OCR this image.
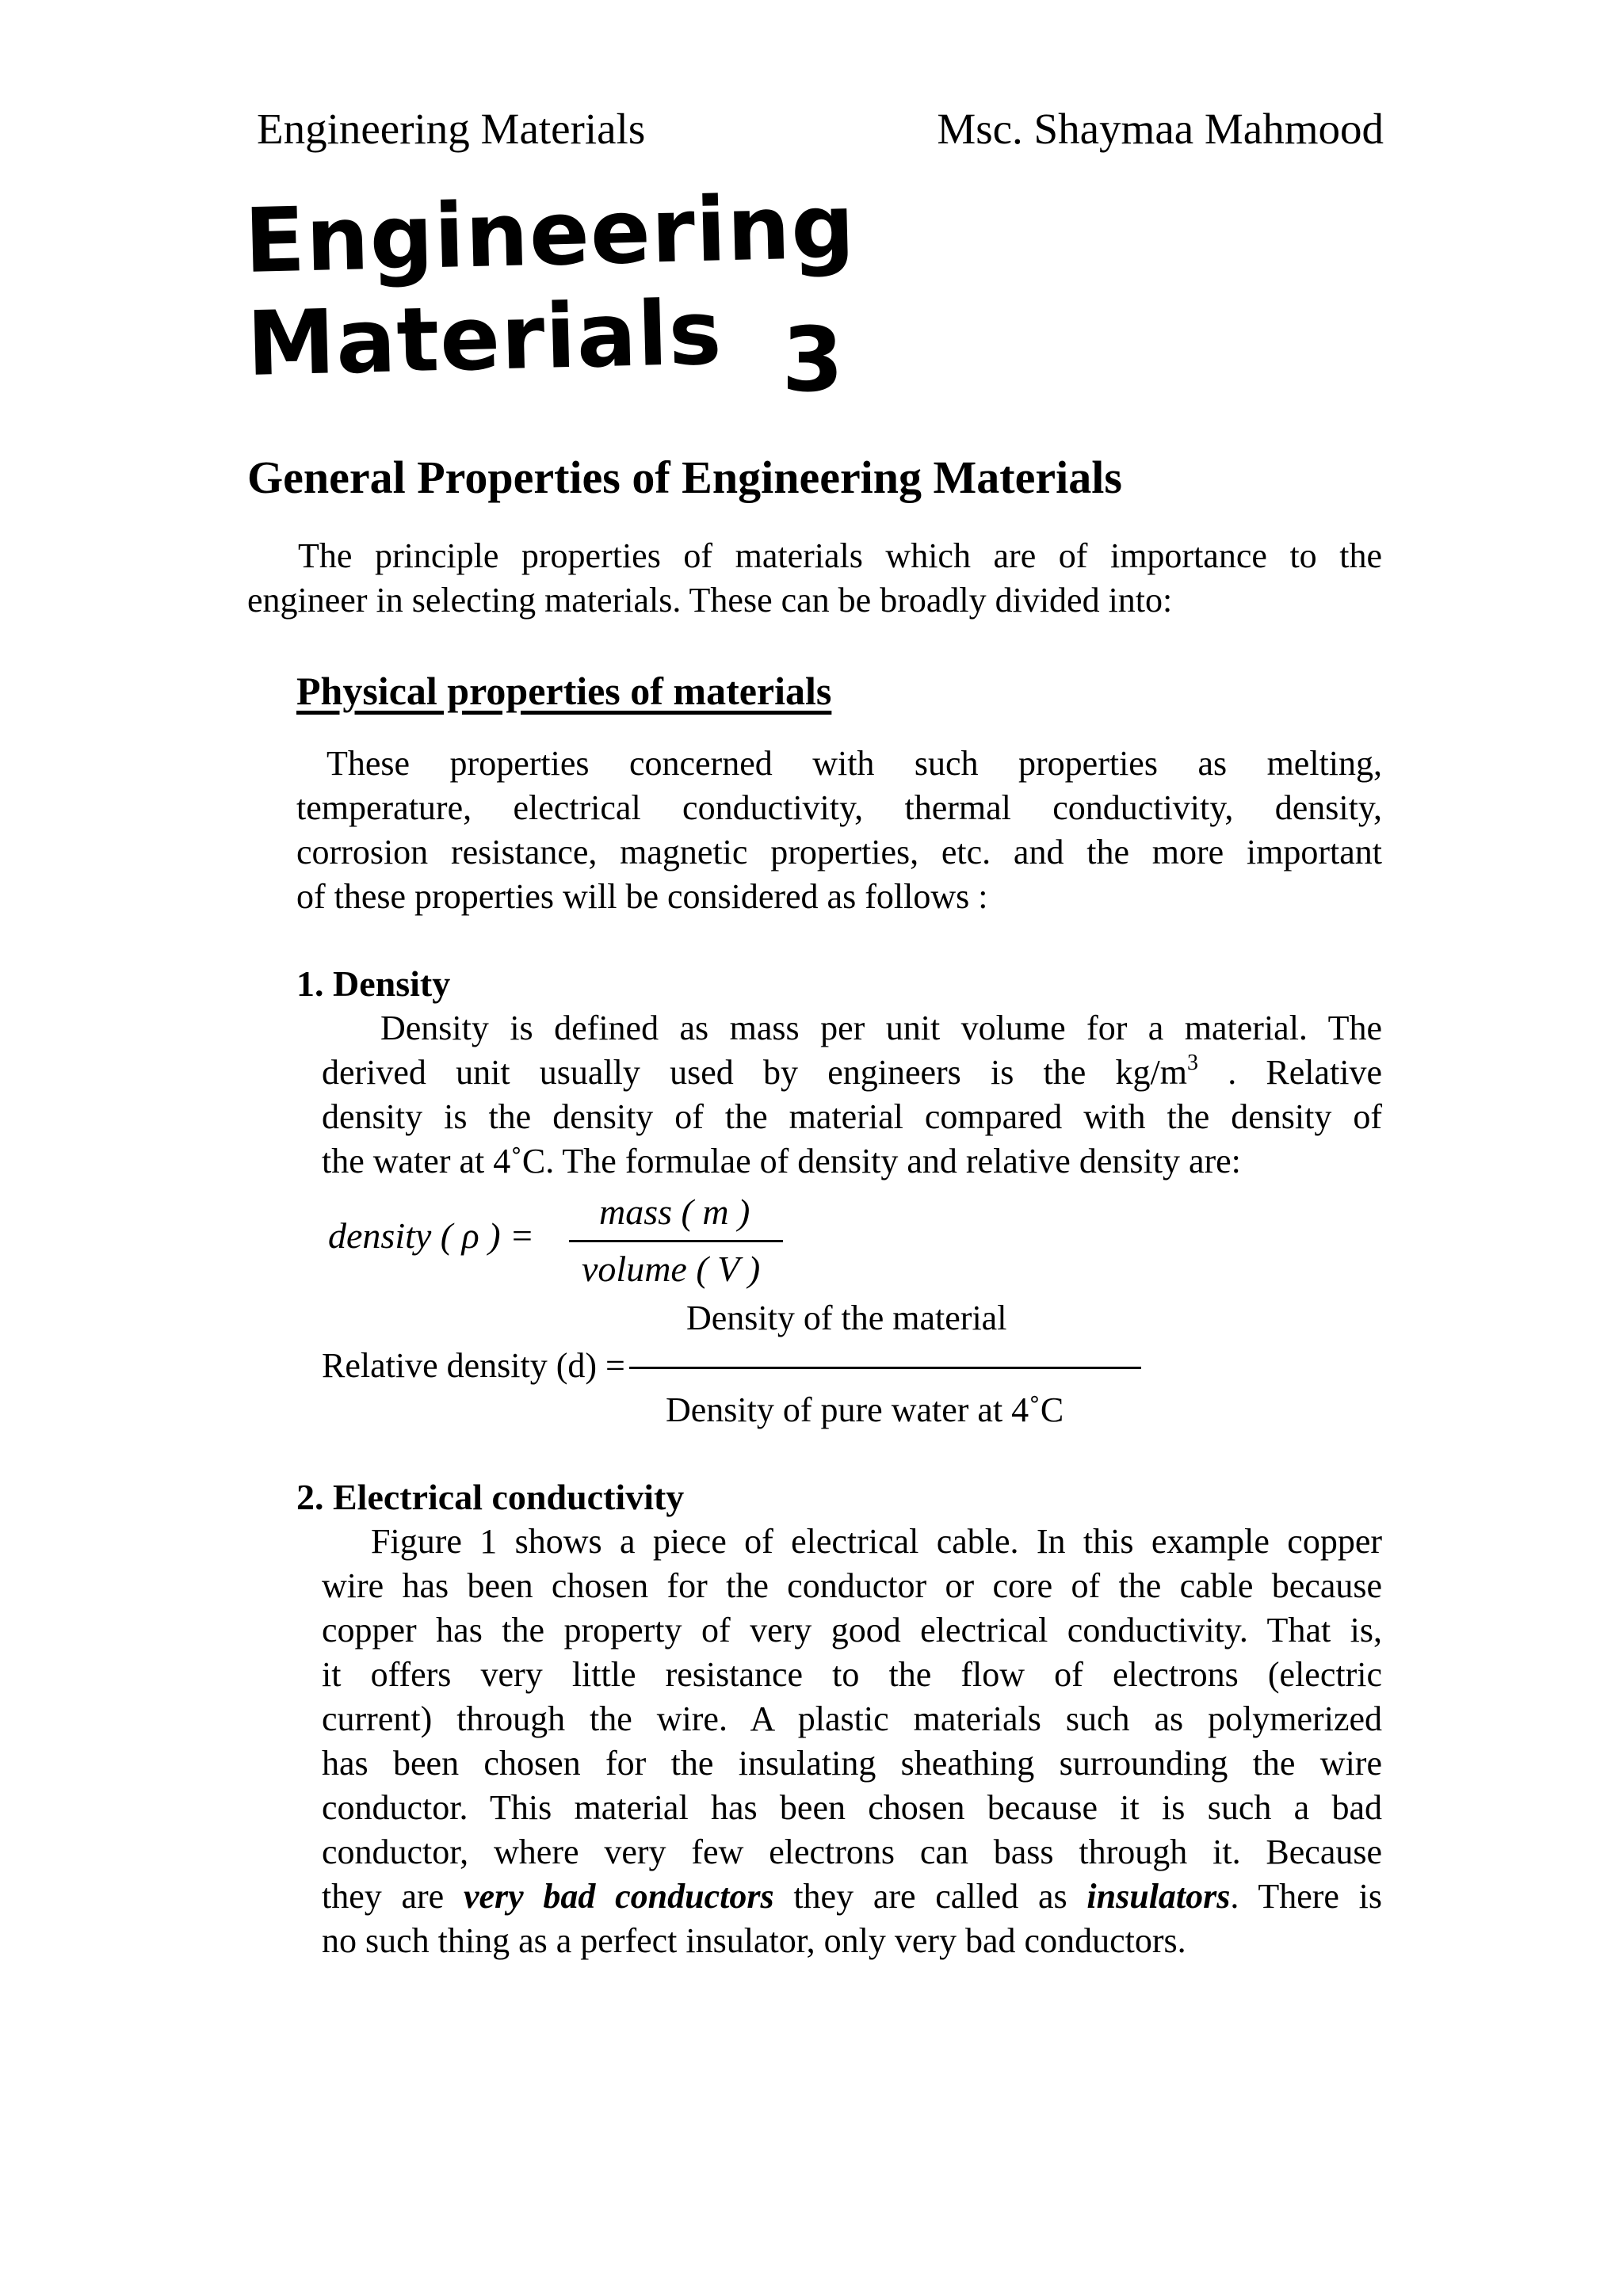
Engineering Materials	Msc. Shaymaa Mahmood
Engineering Materials 3
General Properties of Engineering Materials
The principle properties of materials which are of importance to the
engineer in selecting materials. These can be broadly divided into:
Physical properties of materials
These properties concerned with such properties as melting,
temperature, electrical conductivity, thermal conductivity, density,
corrosion resistance, magnetic properties, etc. and the more important
of these properties will be considered as follows :
1. Density
Density is defined as mass per unit volume for a material. The
derived unit usually used by engineers is the $kg/m^3$ . Relative
density is the density of the material compared with the density of
the water at 4˚C. The formulae of density and relative density are:
density ( ρ ) =
mass ( m )
volume ( V )
Density of the material
Relative density (d) =
Density of pure water at 4˚C
2. Electrical conductivity
Figure 1 shows a piece of electrical cable. In this example copper
wire has been chosen for the conductor or core of the cable because
copper has the property of very good electrical conductivity. That is,
it offers very little resistance to the flow of electrons (electric
current) through the wire. A plastic materials such as polymerized
has been chosen for the insulating sheathing surrounding the wire
conductor. This material has been chosen because it is such a bad
conductor, where very few electrons can bass through it. Because
they are very bad conductors they are called as insulators. There is
no such thing as a perfect insulator, only very bad conductors.
